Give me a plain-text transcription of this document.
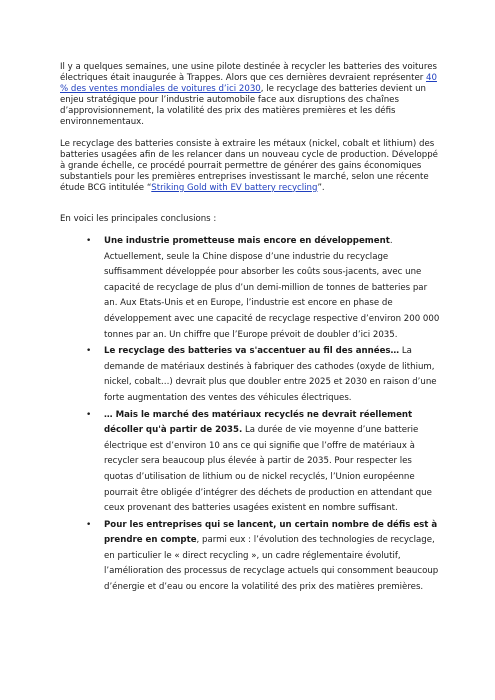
Il y a quelques semaines, une usine pilote destinée à recycler les batteries des voitures électriques était inaugurée à Trappes. Alors que ces dernières devraient représenter 40 % des ventes mondiales de voitures d’ici 2030, le recyclage des batteries devient un enjeu stratégique pour l’industrie automobile face aux disruptions des chaînes d’approvisionnement, la volatilité des prix des matières premières et les défis environnementaux.

Le recyclage des batteries consiste à extraire les métaux (nickel, cobalt et lithium) des batteries usagées afin de les relancer dans un nouveau cycle de production. Développé à grande échelle, ce procédé pourrait permettre de générer des gains économiques substantiels pour les premières entreprises investissant le marché, selon une récente étude BCG intitulée “Striking Gold with EV battery recycling”.

En voici les principales conclusions :

• Une industrie prometteuse mais encore en développement. Actuellement, seule la Chine dispose d’une industrie du recyclage suffisamment développée pour absorber les coûts sous-jacents, avec une capacité de recyclage de plus d’un demi-million de tonnes de batteries par an. Aux Etats-Unis et en Europe, l’industrie est encore en phase de développement avec une capacité de recyclage respective d’environ 200 000 tonnes par an. Un chiffre que l’Europe prévoit de doubler d’ici 2035.
• Le recyclage des batteries va s'accentuer au fil des années… La demande de matériaux destinés à fabriquer des cathodes (oxyde de lithium, nickel, cobalt…) devrait plus que doubler entre 2025 et 2030 en raison d’une forte augmentation des ventes des véhicules électriques.
• … Mais le marché des matériaux recyclés ne devrait réellement décoller qu'à partir de 2035. La durée de vie moyenne d’une batterie électrique est d’environ 10 ans ce qui signifie que l’offre de matériaux à recycler sera beaucoup plus élevée à partir de 2035. Pour respecter les quotas d’utilisation de lithium ou de nickel recyclés, l’Union européenne pourrait être obligée d’intégrer des déchets de production en attendant que ceux provenant des batteries usagées existent en nombre suffisant.
• Pour les entreprises qui se lancent, un certain nombre de défis est à prendre en compte, parmi eux : l’évolution des technologies de recyclage, en particulier le « direct recycling », un cadre réglementaire évolutif, l’amélioration des processus de recyclage actuels qui consomment beaucoup d’énergie et d’eau ou encore la volatilité des prix des matières premières.
